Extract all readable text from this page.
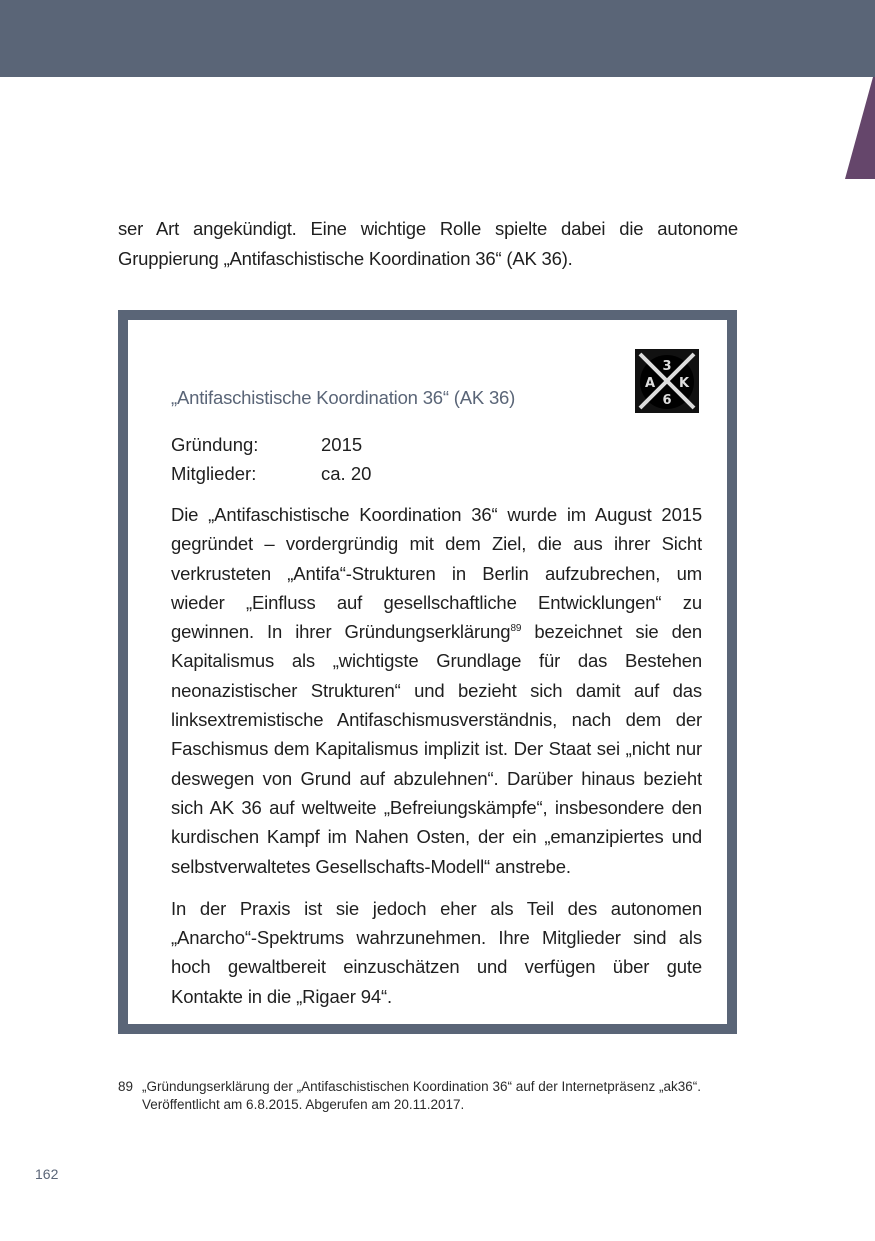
ser Art angekündigt. Eine wichtige Rolle spielte dabei die autonome Gruppierung „Antifaschistische Koordination 36“ (AK 36).

„Antifaschistische Koordination 36“ (AK 36)
3
A K
6
Gründung:	2015
Mitglieder:	ca. 20

Die „Antifaschistische Koordination 36“ wurde im August 2015 gegründet – vordergründig mit dem Ziel, die aus ihrer Sicht verkrusteten „Antifa“-Strukturen in Berlin aufzubrechen, um wieder „Einfluss auf gesellschaftliche Entwicklungen“ zu gewinnen. In ihrer Gründungserklärung$^{89}$ bezeichnet sie den Kapitalismus als „wichtigste Grundlage für das Bestehen neonazistischer Strukturen“ und bezieht sich damit auf das linksextremistische Antifaschismusverständnis, nach dem der Faschismus dem Kapitalismus implizit ist. Der Staat sei „nicht nur deswegen von Grund auf abzulehnen“. Darüber hinaus bezieht sich AK 36 auf weltweite „Befreiungskämpfe“, insbesondere den kurdischen Kampf im Nahen Osten, der ein „emanzipiertes und selbstverwaltetes Gesellschafts-Modell“ anstrebe.

In der Praxis ist sie jedoch eher als Teil des autonomen „Anarcho“-Spektrums wahrzunehmen. Ihre Mitglieder sind als hoch gewaltbereit einzuschätzen und verfügen über gute Kontakte in die „Rigaer 94“.

89 „Gründungserklärung der „Antifaschistischen Koordination 36“ auf der Internetpräsenz „ak36“.
Veröffentlicht am 6.8.2015. Abgerufen am 20.11.2017.
162
